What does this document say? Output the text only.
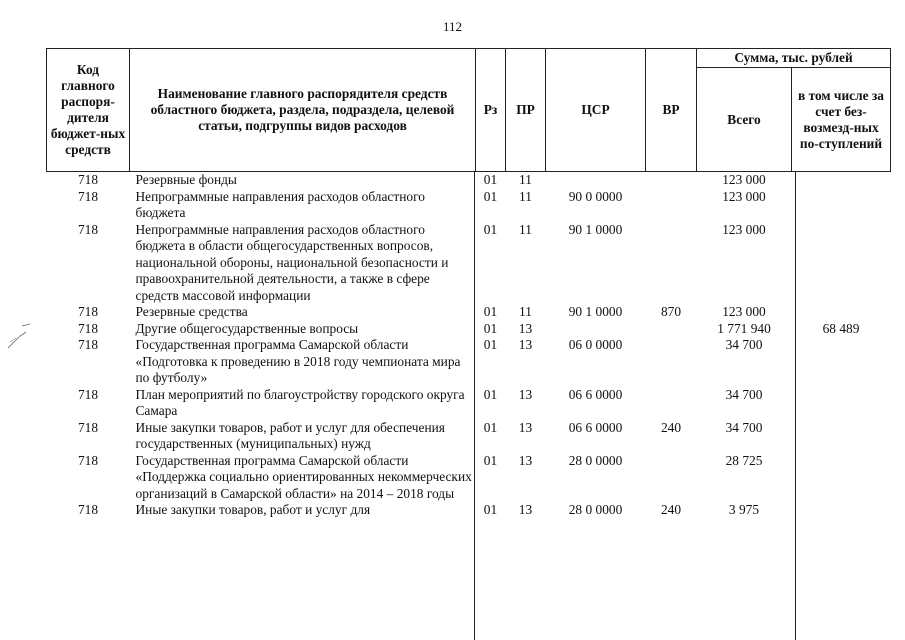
112
Код главного распоря-дителя бюджет-ных средств	Наименование главного распорядителя средств областного бюджета, раздела, подраздела, целевой статьи, подгруппы видов расходов	Рз	ПР	ЦСР	ВР	Сумма, тыс. рублей	
						Всего	в том числе за счет без-возмезд-ных по-ступлений
718	Резервные фонды	01	11			123 000	
718	Непрограммные направления расходов областного бюджета	01	11	90 0 0000		123 000	
718	Непрограммные направления расходов областного бюджета в области общегосударственных вопросов, национальной обороны, национальной безопасности и правоохранительной деятельности, а также в сфере средств массовой информации	01	11	90 1 0000		123 000	
718	Резервные средства	01	11	90 1 0000	870	123 000	
718	Другие общегосударственные вопросы	01	13			1 771 940	68 489
718	Государственная программа Самарской области «Подготовка к проведению в 2018 году чемпионата мира по футболу»	01	13	06 0 0000		34 700	
718	План мероприятий по благоустройству городского округа Самара	01	13	06 6 0000		34 700	
718	Иные закупки товаров, работ и услуг для обеспечения государственных (муниципальных) нужд	01	13	06 6 0000	240	34 700	
718	Государственная программа Самарской области «Поддержка социально ориентированных некоммерческих организаций в Самарской области» на 2014 – 2018 годы	01	13	28 0 0000		28 725	
718	Иные закупки товаров, работ и услуг для	01	13	28 0 0000	240	3 975	
